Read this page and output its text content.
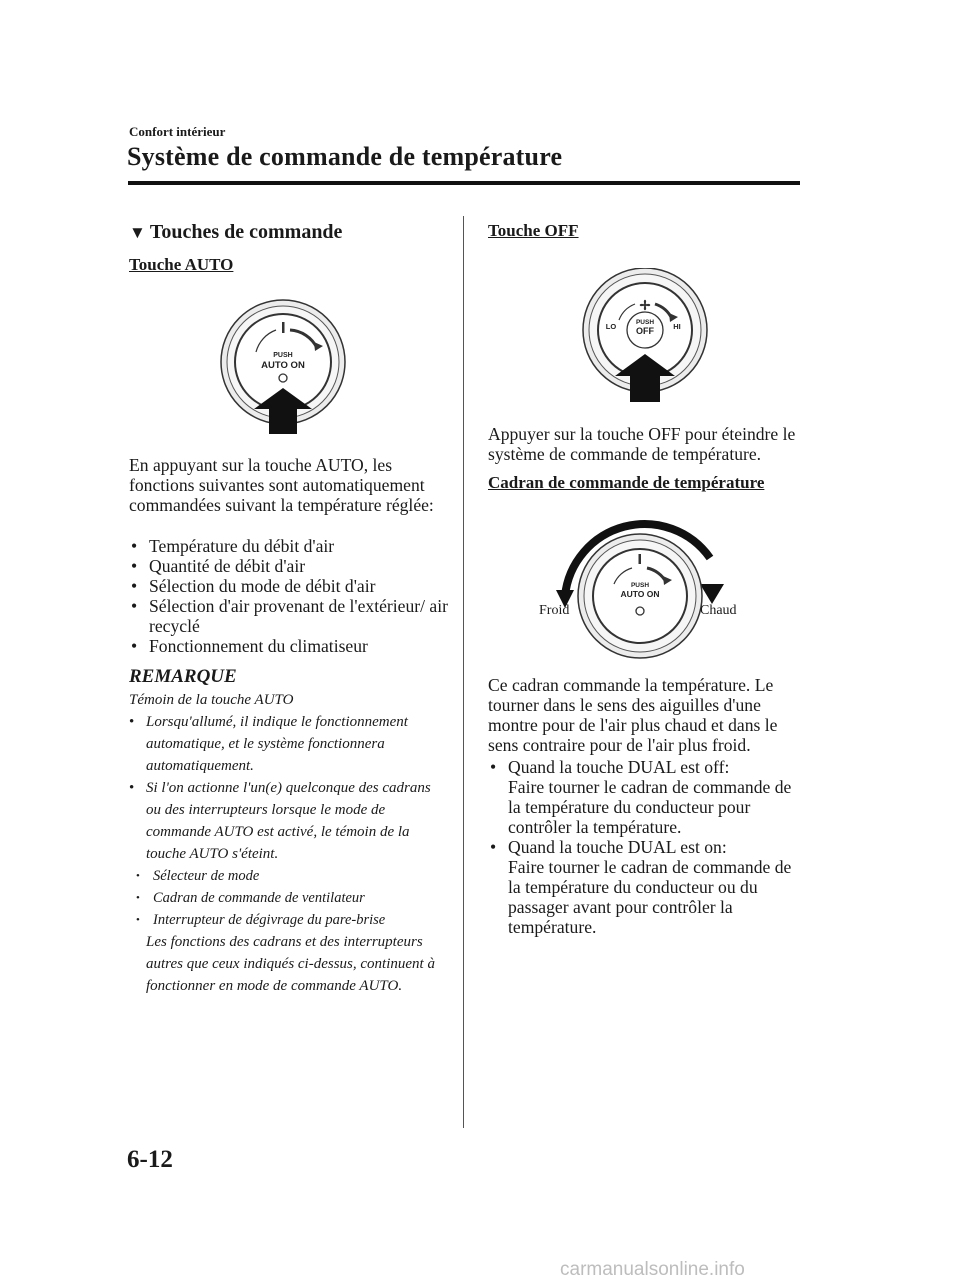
Confort intérieur
Système de commande de température
▼ Touches de commande
Touche AUTO
PUSH
AUTO ON
En appuyant sur la touche AUTO, les fonctions suivantes sont automatiquement commandées suivant la température réglée:
• Température du débit d'air
• Quantité de débit d'air
• Sélection du mode de débit d'air
• Sélection d'air provenant de l'extérieur/ air recyclé
• Fonctionnement du climatiseur
REMARQUE
Témoin de la touche AUTO
• Lorsqu'allumé, il indique le fonctionnement automatique, et le système fonctionnera automatiquement.
• Si l'on actionne l'un(e) quelconque des cadrans ou des interrupteurs lorsque le mode de commande AUTO est activé, le témoin de la touche AUTO s'éteint.
• Sélecteur de mode
• Cadran de commande de ventilateur
• Interrupteur de dégivrage du pare-brise
Les fonctions des cadrans et des interrupteurs autres que ceux indiqués ci-dessus, continuent à fonctionner en mode de commande AUTO.
Touche OFF
PUSH
OFF
LO	HI
Appuyer sur la touche OFF pour éteindre le système de commande de température.
Cadran de commande de température
PUSH
AUTO ON
Froid	Chaud
Ce cadran commande la température. Le tourner dans le sens des aiguilles d'une montre pour de l'air plus chaud et dans le sens contraire pour de l'air plus froid.
• Quand la touche DUAL est off:
Faire tourner le cadran de commande de la température du conducteur pour contrôler la température.
• Quand la touche DUAL est on:
Faire tourner le cadran de commande de la température du conducteur ou du passager avant pour contrôler la température.
6-12
carmanualsonline.info
